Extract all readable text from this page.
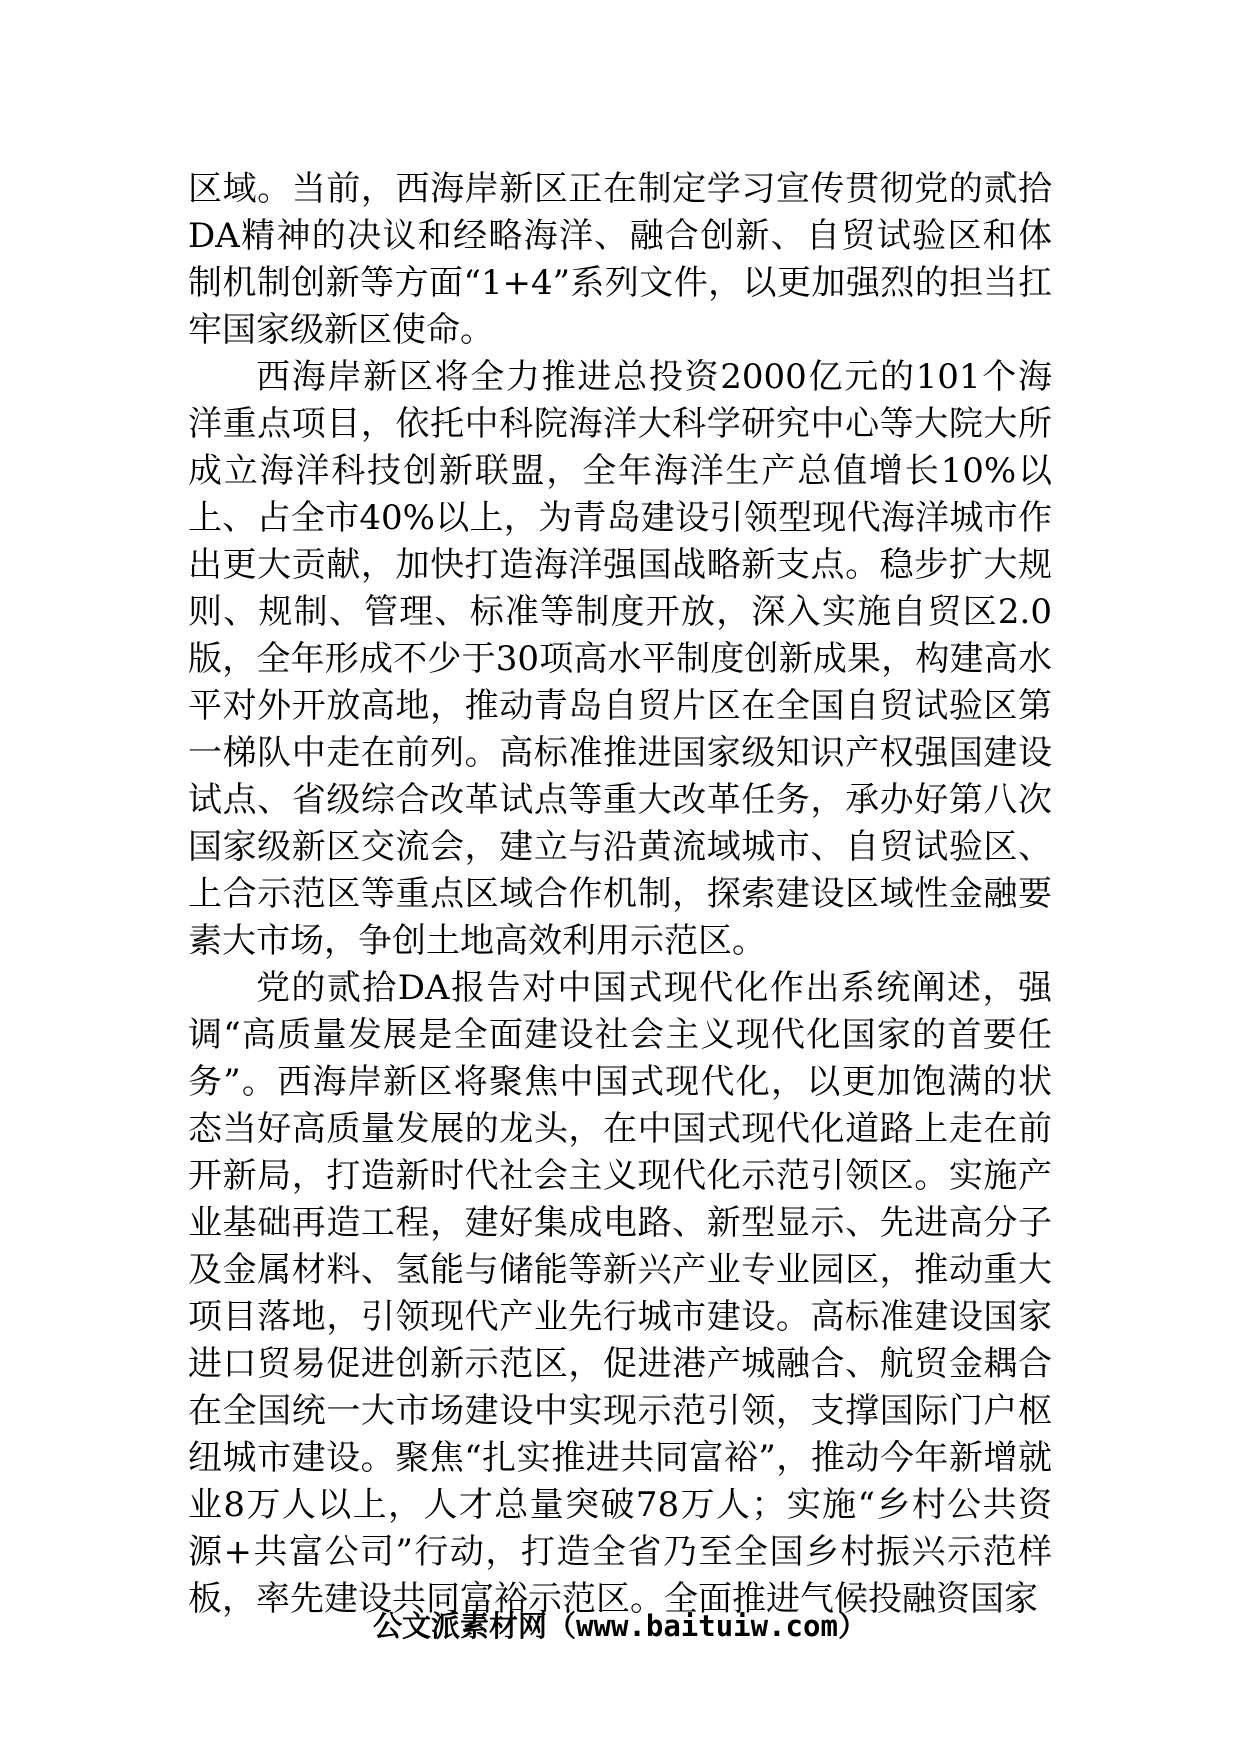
区域。当前，西海岸新区正在制定学习宣传贯彻党的贰拾DA精神的决议和经略海洋、融合创新、自贸试验区和体制机制创新等方面“1+4”系列文件，以更加强烈的担当扛牢国家级新区使命。

西海岸新区将全力推进总投资2000亿元的101个海洋重点项目，依托中科院海洋大科学研究中心等大院大所成立海洋科技创新联盟，全年海洋生产总值增长10%以上、占全市40%以上，为青岛建设引领型现代海洋城市作出更大贡献，加快打造海洋强国战略新支点。稳步扩大规则、规制、管理、标准等制度开放，深入实施自贸区2.0版，全年形成不少于30项高水平制度创新成果，构建高水平对外开放高地，推动青岛自贸片区在全国自贸试验区第一梯队中走在前列。高标准推进国家级知识产权强国建设试点、省级综合改革试点等重大改革任务，承办好第八次国家级新区交流会，建立与沿黄流域城市、自贸试验区、上合示范区等重点区域合作机制，探索建设区域性金融要素大市场，争创土地高效利用示范区。

党的贰拾DA报告对中国式现代化作出系统阐述，强调“高质量发展是全面建设社会主义现代化国家的首要任务”。西海岸新区将聚焦中国式现代化，以更加饱满的状态当好高质量发展的龙头，在中国式现代化道路上走在前开新局，打造新时代社会主义现代化示范引领区。实施产业基础再造工程，建好集成电路、新型显示、先进高分子及金属材料、氢能与储能等新兴产业专业园区，推动重大项目落地，引领现代产业先行城市建设。高标准建设国家进口贸易促进创新示范区，促进港产城融合、航贸金耦合在全国统一大市场建设中实现示范引领，支撑国际门户枢纽城市建设。聚焦“扎实推进共同富裕”，推动今年新增就业8万人以上，人才总量突破78万人；实施“乡村公共资源+共富公司”行动，打造全省乃至全国乡村振兴示范样板，率先建设共同富裕示范区。全面推进气候投融资国家

公文派素材网（www.baituiw.com）
